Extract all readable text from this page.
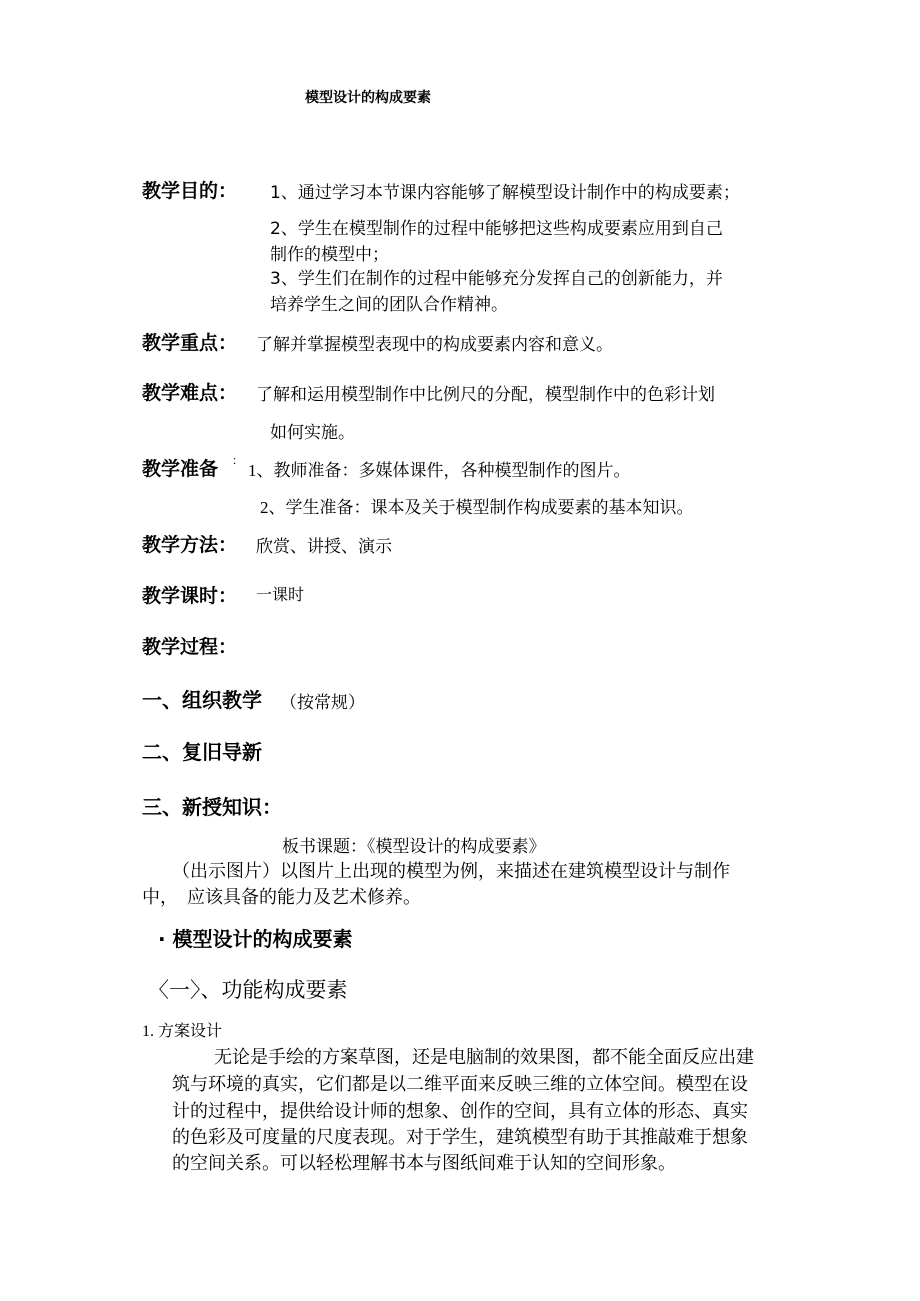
模型设计的构成要素
教学目的： 1、通过学习本节课内容能够了解模型设计制作中的构成要素；
2、学生在模型制作的过程中能够把这些构成要素应用到自己
制作的模型中；
3、学生们在制作的过程中能够充分发挥自己的创新能力，并
培养学生之间的团队合作精神。
教学重点： 了解并掌握模型表现中的构成要素内容和意义。
教学难点： 了解和运用模型制作中比例尺的分配，模型制作中的色彩计划
如何实施。
教学准备 ： 1、教师准备：多媒体课件，各种模型制作的图片。
2、学生准备：课本及关于模型制作构成要素的基本知识。
教学方法： 欣赏、讲授、演示
教学课时： 一课时
教学过程：
一、组织教学 （按常规）
二、复旧导新
三、新授知识：
板书课题：《模型设计的构成要素》
（出示图片）以图片上出现的模型为例，来描述在建筑模型设计与制作
中，  应该具备的能力及艺术修养。
· 模型设计的构成要素
〈一〉、功能构成要素
1. 方案设计
无论是手绘的方案草图，还是电脑制的效果图，都不能全面反应出建
筑与环境的真实，它们都是以二维平面来反映三维的立体空间。模型在设
计的过程中，提供给设计师的想象、创作的空间，具有立体的形态、真实
的色彩及可度量的尺度表现。对于学生，建筑模型有助于其推敲难于想象
的空间关系。可以轻松理解书本与图纸间难于认知的空间形象。
